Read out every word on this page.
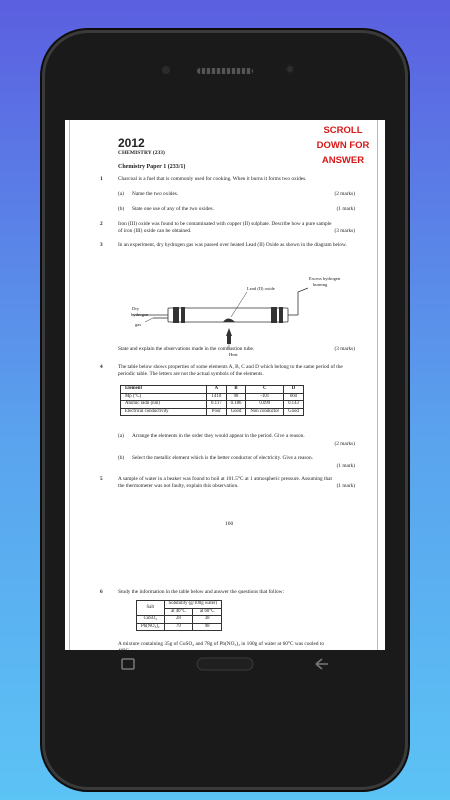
SCROLL DOWN FOR ANSWER
2012
CHEMISTRY (233)
Chemistry Paper 1 (233/1)
1	Charcoal is a fuel that is commonly used for cooking. When it burns it forms two oxides.
(a) Name the two oxides.	(2 marks)
(b) State one use of any of the two oxides.	(1 mark)
2	Iron (III) oxide was found to be contaminated with copper (II) sulphate. Describe how a pure sample of iron (III) oxide can be obtained.	(3 marks)
3	In an experiment, dry hydrogen gas was passed over heated Lead (II) Oxide as shown in the diagram below.
Lead (II) oxide
Excess hydrogen
burning
Dry
hydrogen
gas
Heat
State and explain the observations made in the combustion tube.	(3 marks)
4	The table below shows properties of some elements A, B, C and D which belong to the same period of the periodic table. The letters are not the actual symbols of the elements.
Element	A	B	C	D
Mp (°C)	1410	98	-101	660
Atomic radii (nm)	0.117	0.186	0.099	0.143
Electrical conductivity	Poor	Good	Non conductor	Good
(a) Arrange the elements in the order they would appear in the period. Give a reason.
(2 marks)
(b) Select the metallic element which is the better conductor of electricity. Give a reason.
(1 mark)
5	A sample of water in a beaker was found to boil at 101.5°C at 1 atmospheric pressure. Assuming that the thermometer was not faulty, explain this observation.	(1 mark)
160
6	Study the information in the table below and answer the questions that follow:
Salt	Solubility (g/100g water)	
	at 40°C	at 60°C
CuSO₄	28	38
Pb(NO₃)₂	79	98
A mixture containing 35g of CuSO₄ and 78g of Pb(NO₃)₂ in 100g of water at 60°C was cooled to 40°C.
